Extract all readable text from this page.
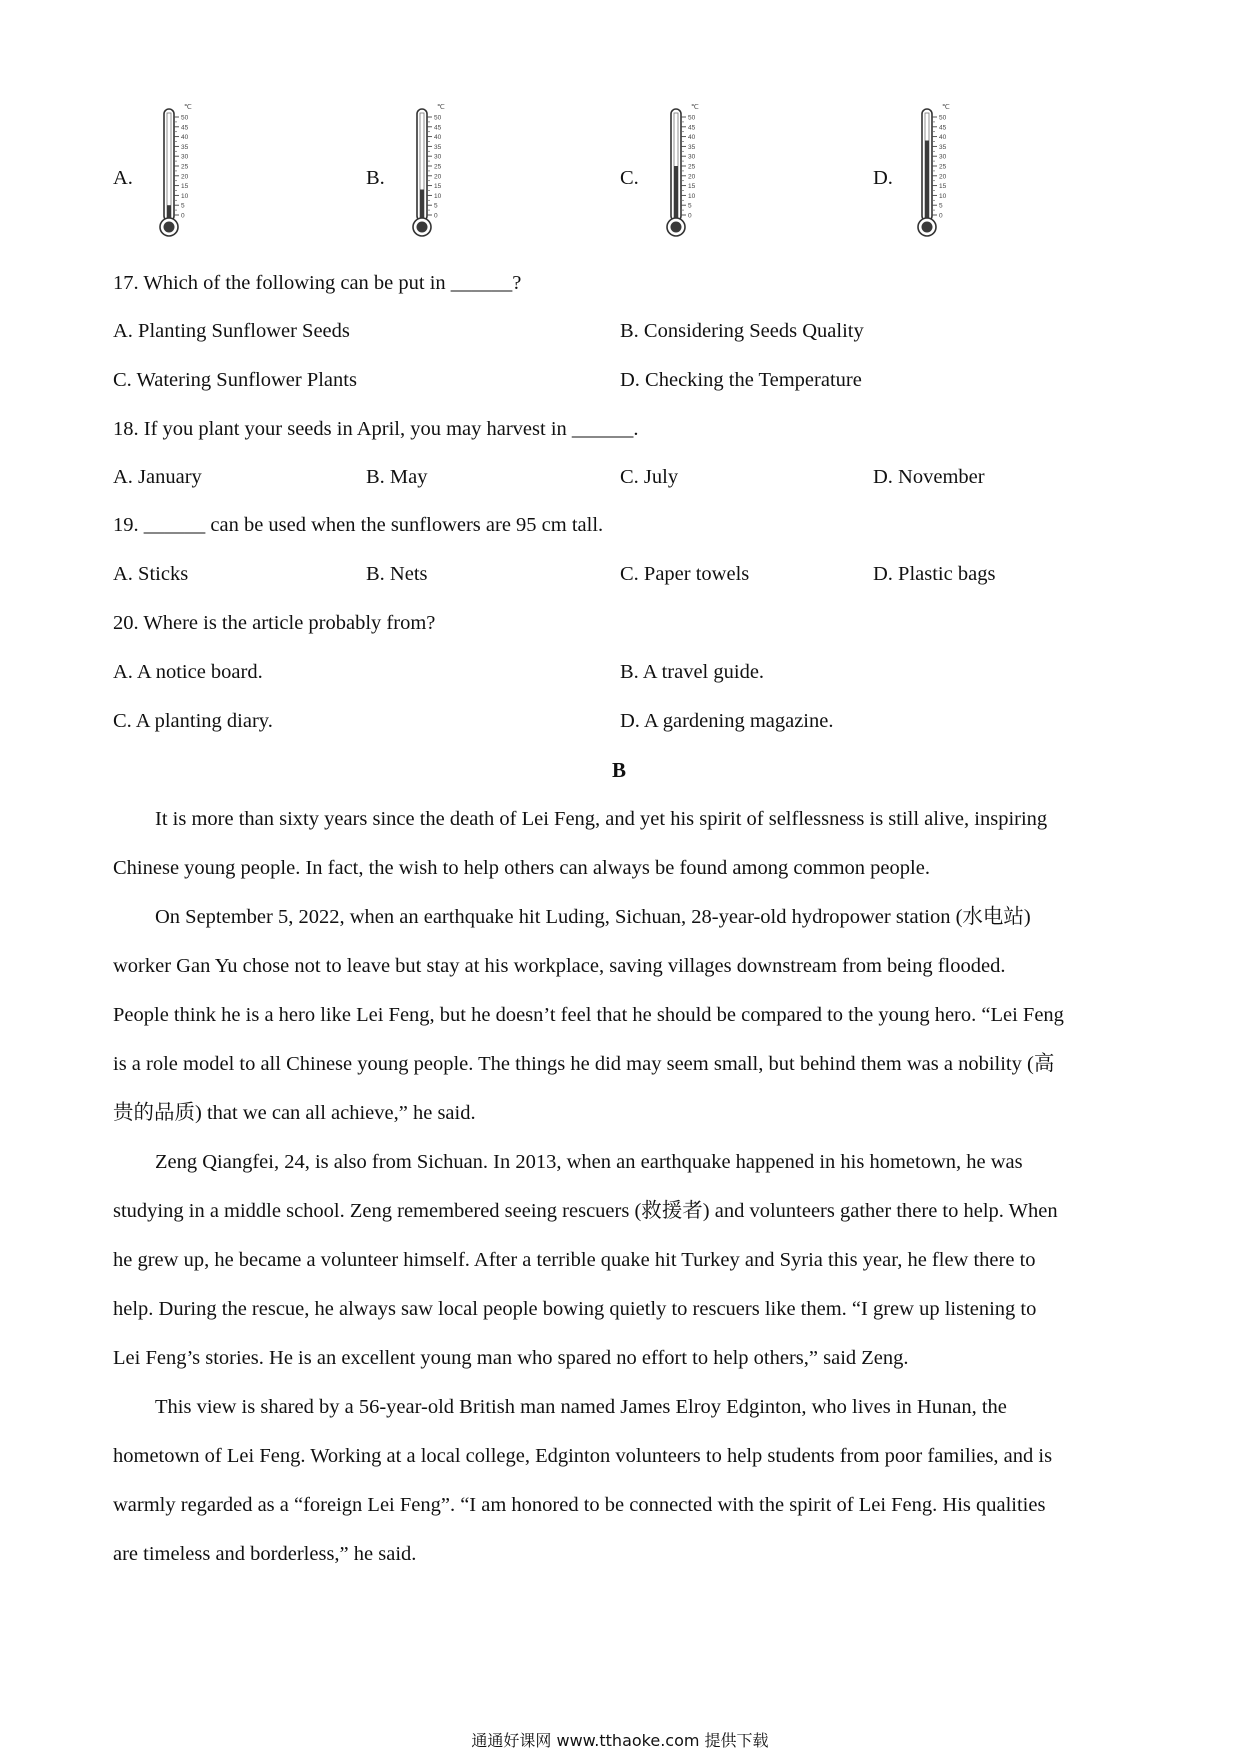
A.
50
45
40
35
30
25
20
15
10
5
0
℃
B.
50
45
40
35
30
25
20
15
10
5
0
℃
C.
50
45
40
35
30
25
20
15
10
5
0
℃
D.
50
45
40
35
30
25
20
15
10
5
0
℃
17. Which of the following can be put in ______?
A. Planting Sunflower Seeds	B. Considering Seeds Quality
C. Watering Sunflower Plants	D. Checking the Temperature
18. If you plant your seeds in April, you may harvest in ______.
A. January	B. May	C. July	D. November
19. ______ can be used when the sunflowers are 95 cm tall.
A. Sticks	B. Nets	C. Paper towels	D. Plastic bags
20. Where is the article probably from?
A. A notice board.	B. A travel guide.
C. A planting diary.	D. A gardening magazine.
B
It is more than sixty years since the death of Lei Feng, and yet his spirit of selflessness is still alive, inspiring
Chinese young people. In fact, the wish to help others can always be found among common people.
On September 5, 2022, when an earthquake hit Luding, Sichuan, 28-year-old hydropower station (水电站)
worker Gan Yu chose not to leave but stay at his workplace, saving villages downstream from being flooded.
People think he is a hero like Lei Feng, but he doesn’t feel that he should be compared to the young hero. “Lei Feng
is a role model to all Chinese young people. The things he did may seem small, but behind them was a nobility (高
贵的品质) that we can all achieve,” he said.
Zeng Qiangfei, 24, is also from Sichuan. In 2013, when an earthquake happened in his hometown, he was
studying in a middle school. Zeng remembered seeing rescuers (救援者) and volunteers gather there to help. When
he grew up, he became a volunteer himself. After a terrible quake hit Turkey and Syria this year, he flew there to
help. During the rescue, he always saw local people bowing quietly to rescuers like them. “I grew up listening to
Lei Feng’s stories. He is an excellent young man who spared no effort to help others,” said Zeng.
This view is shared by a 56-year-old British man named James Elroy Edginton, who lives in Hunan, the
hometown of Lei Feng. Working at a local college, Edginton volunteers to help students from poor families, and is
warmly regarded as a “foreign Lei Feng”. “I am honored to be connected with the spirit of Lei Feng. His qualities
are timeless and borderless,” he said.
通通好课网 www.tthaoke.com 提供下载
